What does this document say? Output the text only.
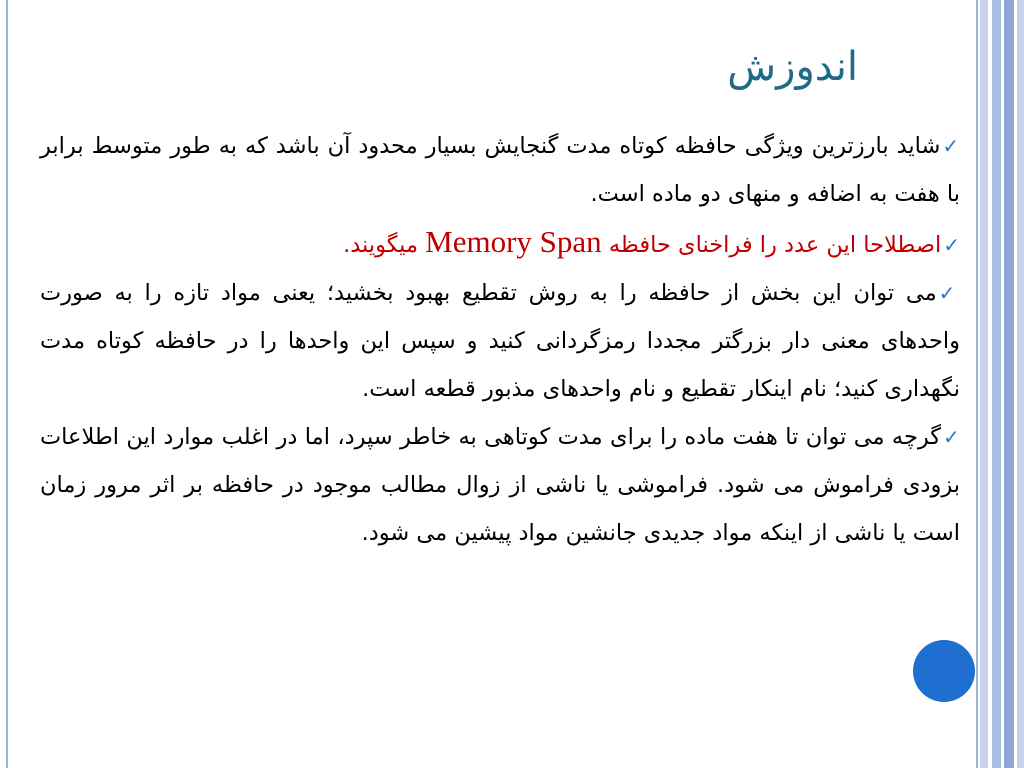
اندوزش

✓شاید بارزترین ویژگی حافظه کوتاه مدت گنجایش بسیار محدود آن باشد که به طور متوسط برابر با هفت به اضافه و منهای دو ماده است.

✓اصطلاحا این عدد را فراخنای حافظه Memory Span میگویند.

✓می توان این بخش از حافظه را به روش تقطیع بهبود بخشید؛ یعنی مواد تازه را به صورت واحدهای معنی دار بزرگتر مجددا رمزگردانی کنید و سپس این واحدها را در حافظه کوتاه مدت نگهداری کنید؛ نام اینکار تقطیع و نام واحدهای مذبور قطعه است.

✓گرچه می توان تا هفت ماده را برای مدت کوتاهی به خاطر سپرد، اما در اغلب موارد این اطلاعات بزودی فراموش می شود. فراموشی یا ناشی از زوال مطالب موجود در حافظه بر اثر مرور زمان است یا ناشی از اینکه مواد جدیدی جانشین مواد پیشین می شود.
